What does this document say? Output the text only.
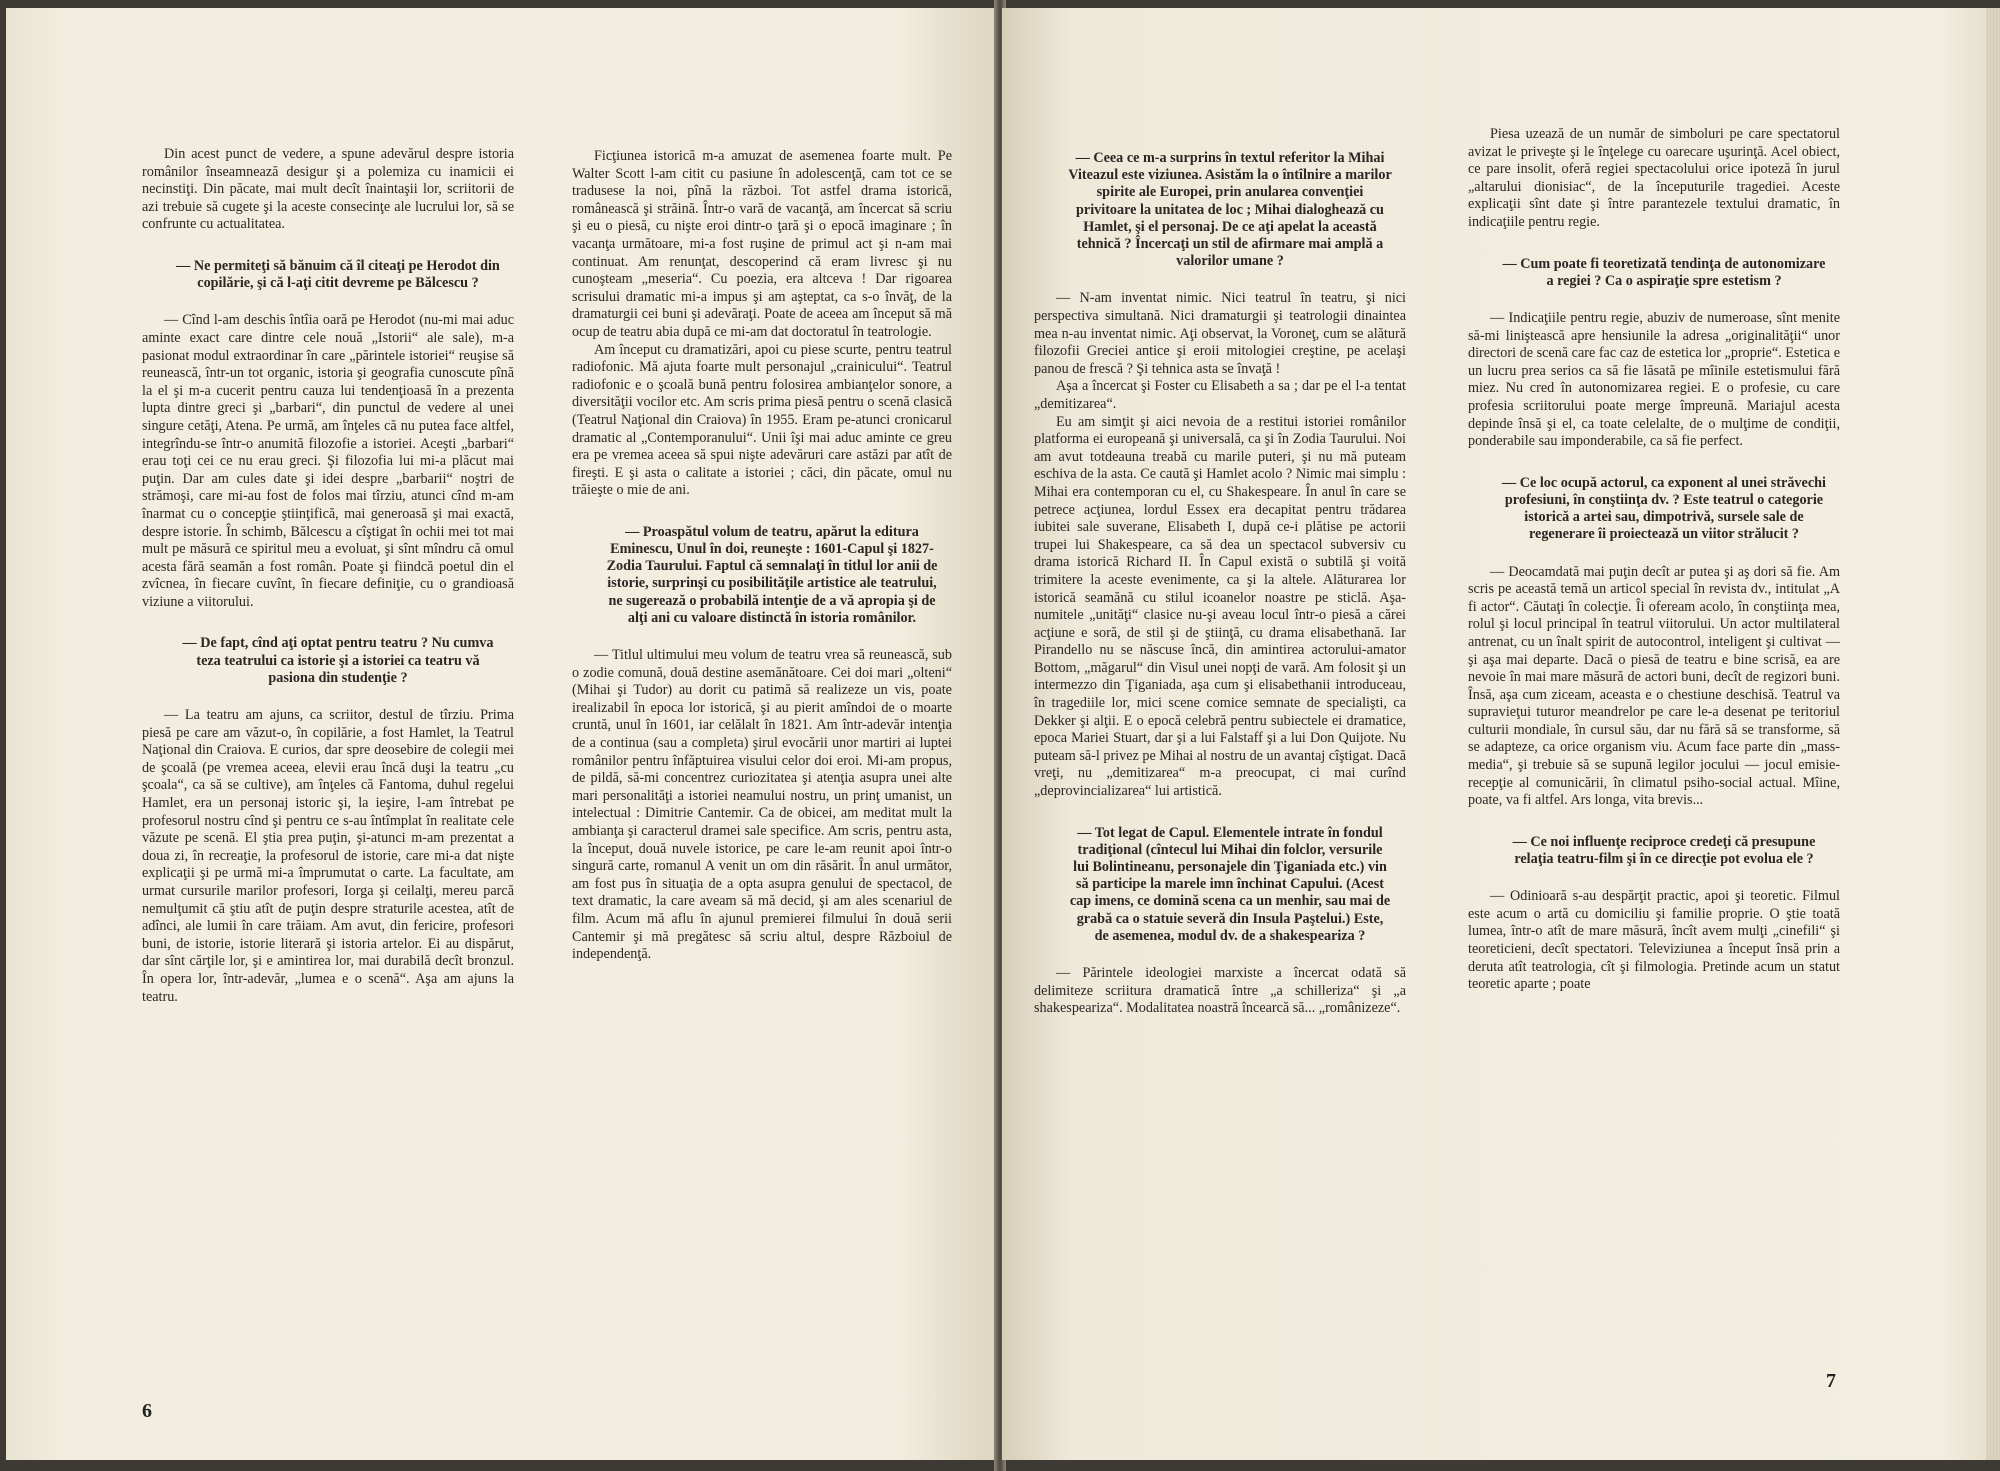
Din acest punct de vedere, a spune adevărul despre istoria românilor înseamnează desigur şi a polemiza cu inamicii ei necinstiţi. Din păcate, mai mult decît înaintaşii lor, scriitorii de azi trebuie să cugete şi la aceste consecinţe ale lucrului lor, să se confrunte cu actualitatea.

— Ne permiteţi să bănuim că îl citeaţi pe Herodot din copilărie, şi că l-aţi citit devreme pe Bălcescu ?

— Cînd l-am deschis întîia oară pe Herodot (nu-mi mai aduc aminte exact care dintre cele nouă „Istorii“ ale sale), m-a pasionat modul extraordinar în care „părintele istoriei“ reuşise să reunească, într-un tot organic, istoria şi geografia cunoscute pînă la el şi m-a cucerit pentru cauza lui tendenţioasă în a prezenta lupta dintre greci şi „barbari“, din punctul de vedere al unei singure cetăţi, Atena. Pe urmă, am înţeles că nu putea face altfel, integrîndu-se într-o anumită filozofie a istoriei. Aceşti „barbari“ erau toţi cei ce nu erau greci. Şi filozofia lui mi-a plăcut mai puţin. Dar am cules date şi idei despre „barbarii“ noştri de strămoşi, care mi-au fost de folos mai tîrziu, atunci cînd m-am înarmat cu o concepţie ştiinţifică, mai generoasă şi mai exactă, despre istorie. În schimb, Bălcescu a cîştigat în ochii mei tot mai mult pe măsură ce spiritul meu a evoluat, şi sînt mîndru că omul acesta fără seamăn a fost român. Poate şi fiindcă poetul din el zvîcnea, în fiecare cuvînt, în fiecare definiţie, cu o grandioasă viziune a viitorului.

— De fapt, cînd aţi optat pentru teatru ? Nu cumva teza teatrului ca istorie şi a istoriei ca teatru vă pasiona din studenţie ?

— La teatru am ajuns, ca scriitor, destul de tîrziu. Prima piesă pe care am văzut-o, în copilărie, a fost Hamlet, la Teatrul Naţional din Craiova. E curios, dar spre deosebire de colegii mei de şcoală (pe vremea aceea, elevii erau încă duşi la teatru „cu şcoala“, ca să se cultive), am înţeles că Fantoma, duhul regelui Hamlet, era un personaj istoric şi, la ieşire, l-am întrebat pe profesorul nostru cînd şi pentru ce s-au întîmplat în realitate cele văzute pe scenă. El ştia prea puţin, şi-atunci m-am prezentat a doua zi, în recreaţie, la profesorul de istorie, care mi-a dat nişte explicaţii şi pe urmă mi-a împrumutat o carte. La facultate, am urmat cursurile marilor profesori, Iorga şi ceilalţi, mereu parcă nemulţumit că ştiu atît de puţin despre straturile acestea, atît de adînci, ale lumii în care trăiam. Am avut, din fericire, profesori buni, de istorie, istorie literară şi istoria artelor. Ei au dispărut, dar sînt cărţile lor, şi e amintirea lor, mai durabilă decît bronzul. În opera lor, într-adevăr, „lumea e o scenă“. Aşa am ajuns la teatru.

Ficţiunea istorică m-a amuzat de asemenea foarte mult. Pe Walter Scott l-am citit cu pasiune în adolescenţă, cam tot ce se tradusese la noi, pînă la război. Tot astfel drama istorică, românească şi străină. Într-o vară de vacanţă, am încercat să scriu şi eu o piesă, cu nişte eroi dintr-o ţară şi o epocă imaginare ; în vacanţa următoare, mi-a fost ruşine de primul act şi n-am mai continuat. Am renunţat, descoperind că eram livresc şi nu cunoşteam „meseria“. Cu poezia, era altceva ! Dar rigoarea scrisului dramatic mi-a impus şi am aşteptat, ca s-o învăţ, de la dramaturgii cei buni şi adevăraţi. Poate de aceea am început să mă ocup de teatru abia după ce mi-am dat doctoratul în teatrologie.

Am început cu dramatizări, apoi cu piese scurte, pentru teatrul radiofonic. Mă ajuta foarte mult personajul „crainicului“. Teatrul radiofonic e o şcoală bună pentru folosirea ambianţelor sonore, a diversităţii vocilor etc. Am scris prima piesă pentru o scenă clasică (Teatrul Naţional din Craiova) în 1955. Eram pe-atunci cronicarul dramatic al „Contemporanului“. Unii îşi mai aduc aminte ce greu era pe vremea aceea să spui nişte adevăruri care astăzi par atît de fireşti. E şi asta o calitate a istoriei ; căci, din păcate, omul nu trăieşte o mie de ani.

— Proaspătul volum de teatru, apărut la editura Eminescu, Unul în doi, reuneşte : 1601-Capul şi 1827-Zodia Taurului. Faptul că semnalaţi în titlul lor anii de istorie, surprinşi cu posibilităţile artistice ale teatrului, ne sugerează o probabilă intenţie de a vă apropia şi de alţi ani cu valoare distinctă în istoria românilor.

— Titlul ultimului meu volum de teatru vrea să reunească, sub o zodie comună, două destine asemănătoare. Cei doi mari „olteni“ (Mihai şi Tudor) au dorit cu patimă să realizeze un vis, poate irealizabil în epoca lor istorică, şi au pierit amîndoi de o moarte cruntă, unul în 1601, iar celălalt în 1821. Am într-adevăr intenţia de a continua (sau a completa) şirul evocării unor martiri ai luptei românilor pentru înfăptuirea visului celor doi eroi. Mi-am propus, de pildă, să-mi concentrez curiozitatea şi atenţia asupra unei alte mari personalităţi a istoriei neamului nostru, un prinţ umanist, un intelectual : Dimitrie Cantemir. Ca de obicei, am meditat mult la ambianţa şi caracterul dramei sale specifice. Am scris, pentru asta, la început, două nuvele istorice, pe care le-am reunit apoi într-o singură carte, romanul A venit un om din răsărit. În anul următor, am fost pus în situaţia de a opta asupra genului de spectacol, de text dramatic, la care aveam să mă decid, şi am ales scenariul de film. Acum mă aflu în ajunul premierei filmului în două serii Cantemir şi mă pregătesc să scriu altul, despre Războiul de independenţă.

6

— Ceea ce m-a surprins în textul referitor la Mihai Viteazul este viziunea. Asistăm la o întîlnire a marilor spirite ale Europei, prin anularea convenţiei privitoare la unitatea de loc ; Mihai dialoghează cu Hamlet, şi el personaj. De ce aţi apelat la această tehnică ? Încercaţi un stil de afirmare mai amplă a valorilor umane ?

— N-am inventat nimic. Nici teatrul în teatru, şi nici perspectiva simultană. Nici dramaturgii şi teatrologii dinaintea mea n-au inventat nimic. Aţi observat, la Voroneţ, cum se alătură filozofii Greciei antice şi eroii mitologiei creştine, pe acelaşi panou de frescă ? Şi tehnica asta se învaţă !

Aşa a încercat şi Foster cu Elisabeth a sa ; dar pe el l-a tentat „demitizarea“.

Eu am simţit şi aici nevoia de a restitui istoriei românilor platforma ei europeană şi universală, ca şi în Zodia Taurului. Noi am avut totdeauna treabă cu marile puteri, şi nu mă puteam eschiva de la asta. Ce caută şi Hamlet acolo ? Nimic mai simplu : Mihai era contemporan cu el, cu Shakespeare. În anul în care se petrece acţiunea, lordul Essex era decapitat pentru trădarea iubitei sale suverane, Elisabeth I, după ce-i plătise pe actorii trupei lui Shakespeare, ca să dea un spectacol subversiv cu drama istorică Richard II. În Capul există o subtilă şi voită trimitere la aceste evenimente, ca şi la altele. Alăturarea lor istorică seamănă cu stilul icoanelor noastre pe sticlă. Aşa-numitele „unităţi“ clasice nu-şi aveau locul într-o piesă a cărei acţiune e soră, de stil şi de ştiinţă, cu drama elisabethană. Iar Pirandello nu se născuse încă, din amintirea actorului-amator Bottom, „măgarul“ din Visul unei nopţi de vară. Am folosit şi un intermezzo din Ţiganiada, aşa cum şi elisabethanii introduceau, în tragediile lor, mici scene comice semnate de specialişti, ca Dekker şi alţii. E o epocă celebră pentru subiectele ei dramatice, epoca Mariei Stuart, dar şi a lui Falstaff şi a lui Don Quijote. Nu puteam să-l privez pe Mihai al nostru de un avantaj cîştigat. Dacă vreţi, nu „demitizarea“ m-a preocupat, ci mai curînd „deprovincializarea“ lui artistică.

— Tot legat de Capul. Elementele intrate în fondul tradiţional (cîntecul lui Mihai din folclor, versurile lui Bolintineanu, personajele din Ţiganiada etc.) vin să participe la marele imn închinat Capului. (Acest cap imens, ce domină scena ca un menhir, sau mai de grabă ca o statuie severă din Insula Paştelui.) Este, de asemenea, modul dv. de a shakespeariza ?

— Părintele ideologiei marxiste a încercat odată să delimiteze scriitura dramatică între „a schilleriza“ şi „a shakespeariza“. Modalitatea noastră încearcă să... „românizeze“.

Piesa uzează de un număr de simboluri pe care spectatorul avizat le priveşte şi le înţelege cu oarecare uşurinţă. Acel obiect, ce pare insolit, oferă regiei spectacolului orice ipoteză în jurul „altarului dionisiac“, de la începuturile tragediei. Aceste explicaţii sînt date şi între parantezele textului dramatic, în indicaţiile pentru regie.

— Cum poate fi teoretizată tendinţa de autonomizare a regiei ? Ca o aspiraţie spre estetism ?

— Indicaţiile pentru regie, abuziv de numeroase, sînt menite să-mi liniştească apre hensiunile la adresa „originalităţii“ unor directori de scenă care fac caz de estetica lor „proprie“. Estetica e un lucru prea serios ca să fie lăsată pe mîinile estetismului fără miez. Nu cred în autonomizarea regiei. E o profesie, cu care profesia scriitorului poate merge împreună. Mariajul acesta depinde însă şi el, ca toate celelalte, de o mulţime de condiţii, ponderabile sau imponderabile, ca să fie perfect.

— Ce loc ocupă actorul, ca exponent al unei străvechi profesiuni, în conştiinţa dv. ? Este teatrul o categorie istorică a artei sau, dimpotrivă, sursele sale de regenerare îi proiectează un viitor strălucit ?

— Deocamdată mai puţin decît ar putea şi aş dori să fie. Am scris pe această temă un articol special în revista dv., intitulat „A fi actor“. Căutaţi în colecţie. Îi ofeream acolo, în conştiinţa mea, rolul şi locul principal în teatrul viitorului. Un actor multilateral antrenat, cu un înalt spirit de autocontrol, inteligent şi cultivat — şi aşa mai departe. Dacă o piesă de teatru e bine scrisă, ea are nevoie în mai mare măsură de actori buni, decît de regizori buni. Însă, aşa cum ziceam, aceasta e o chestiune deschisă. Teatrul va supravieţui tuturor meandrelor pe care le-a desenat pe teritoriul culturii mondiale, în cursul său, dar nu fără să se transforme, să se adapteze, ca orice organism viu. Acum face parte din „mass-media“, şi trebuie să se supună legilor jocului — jocul emisie-recepţie al comunicării, în climatul psiho-social actual. Mîine, poate, va fi altfel. Ars longa, vita brevis...

— Ce noi influenţe reciproce credeţi că presupune relaţia teatru-film şi în ce direcţie pot evolua ele ?

— Odinioară s-au despărţit practic, apoi şi teoretic. Filmul este acum o artă cu domiciliu şi familie proprie. O ştie toată lumea, într-o atît de mare măsură, încît avem mulţi „cinefili“ şi teoreticieni, decît spectatori. Televiziunea a început însă prin a deruta atît teatrologia, cît şi filmologia. Pretinde acum un statut teoretic aparte ; poate

7
